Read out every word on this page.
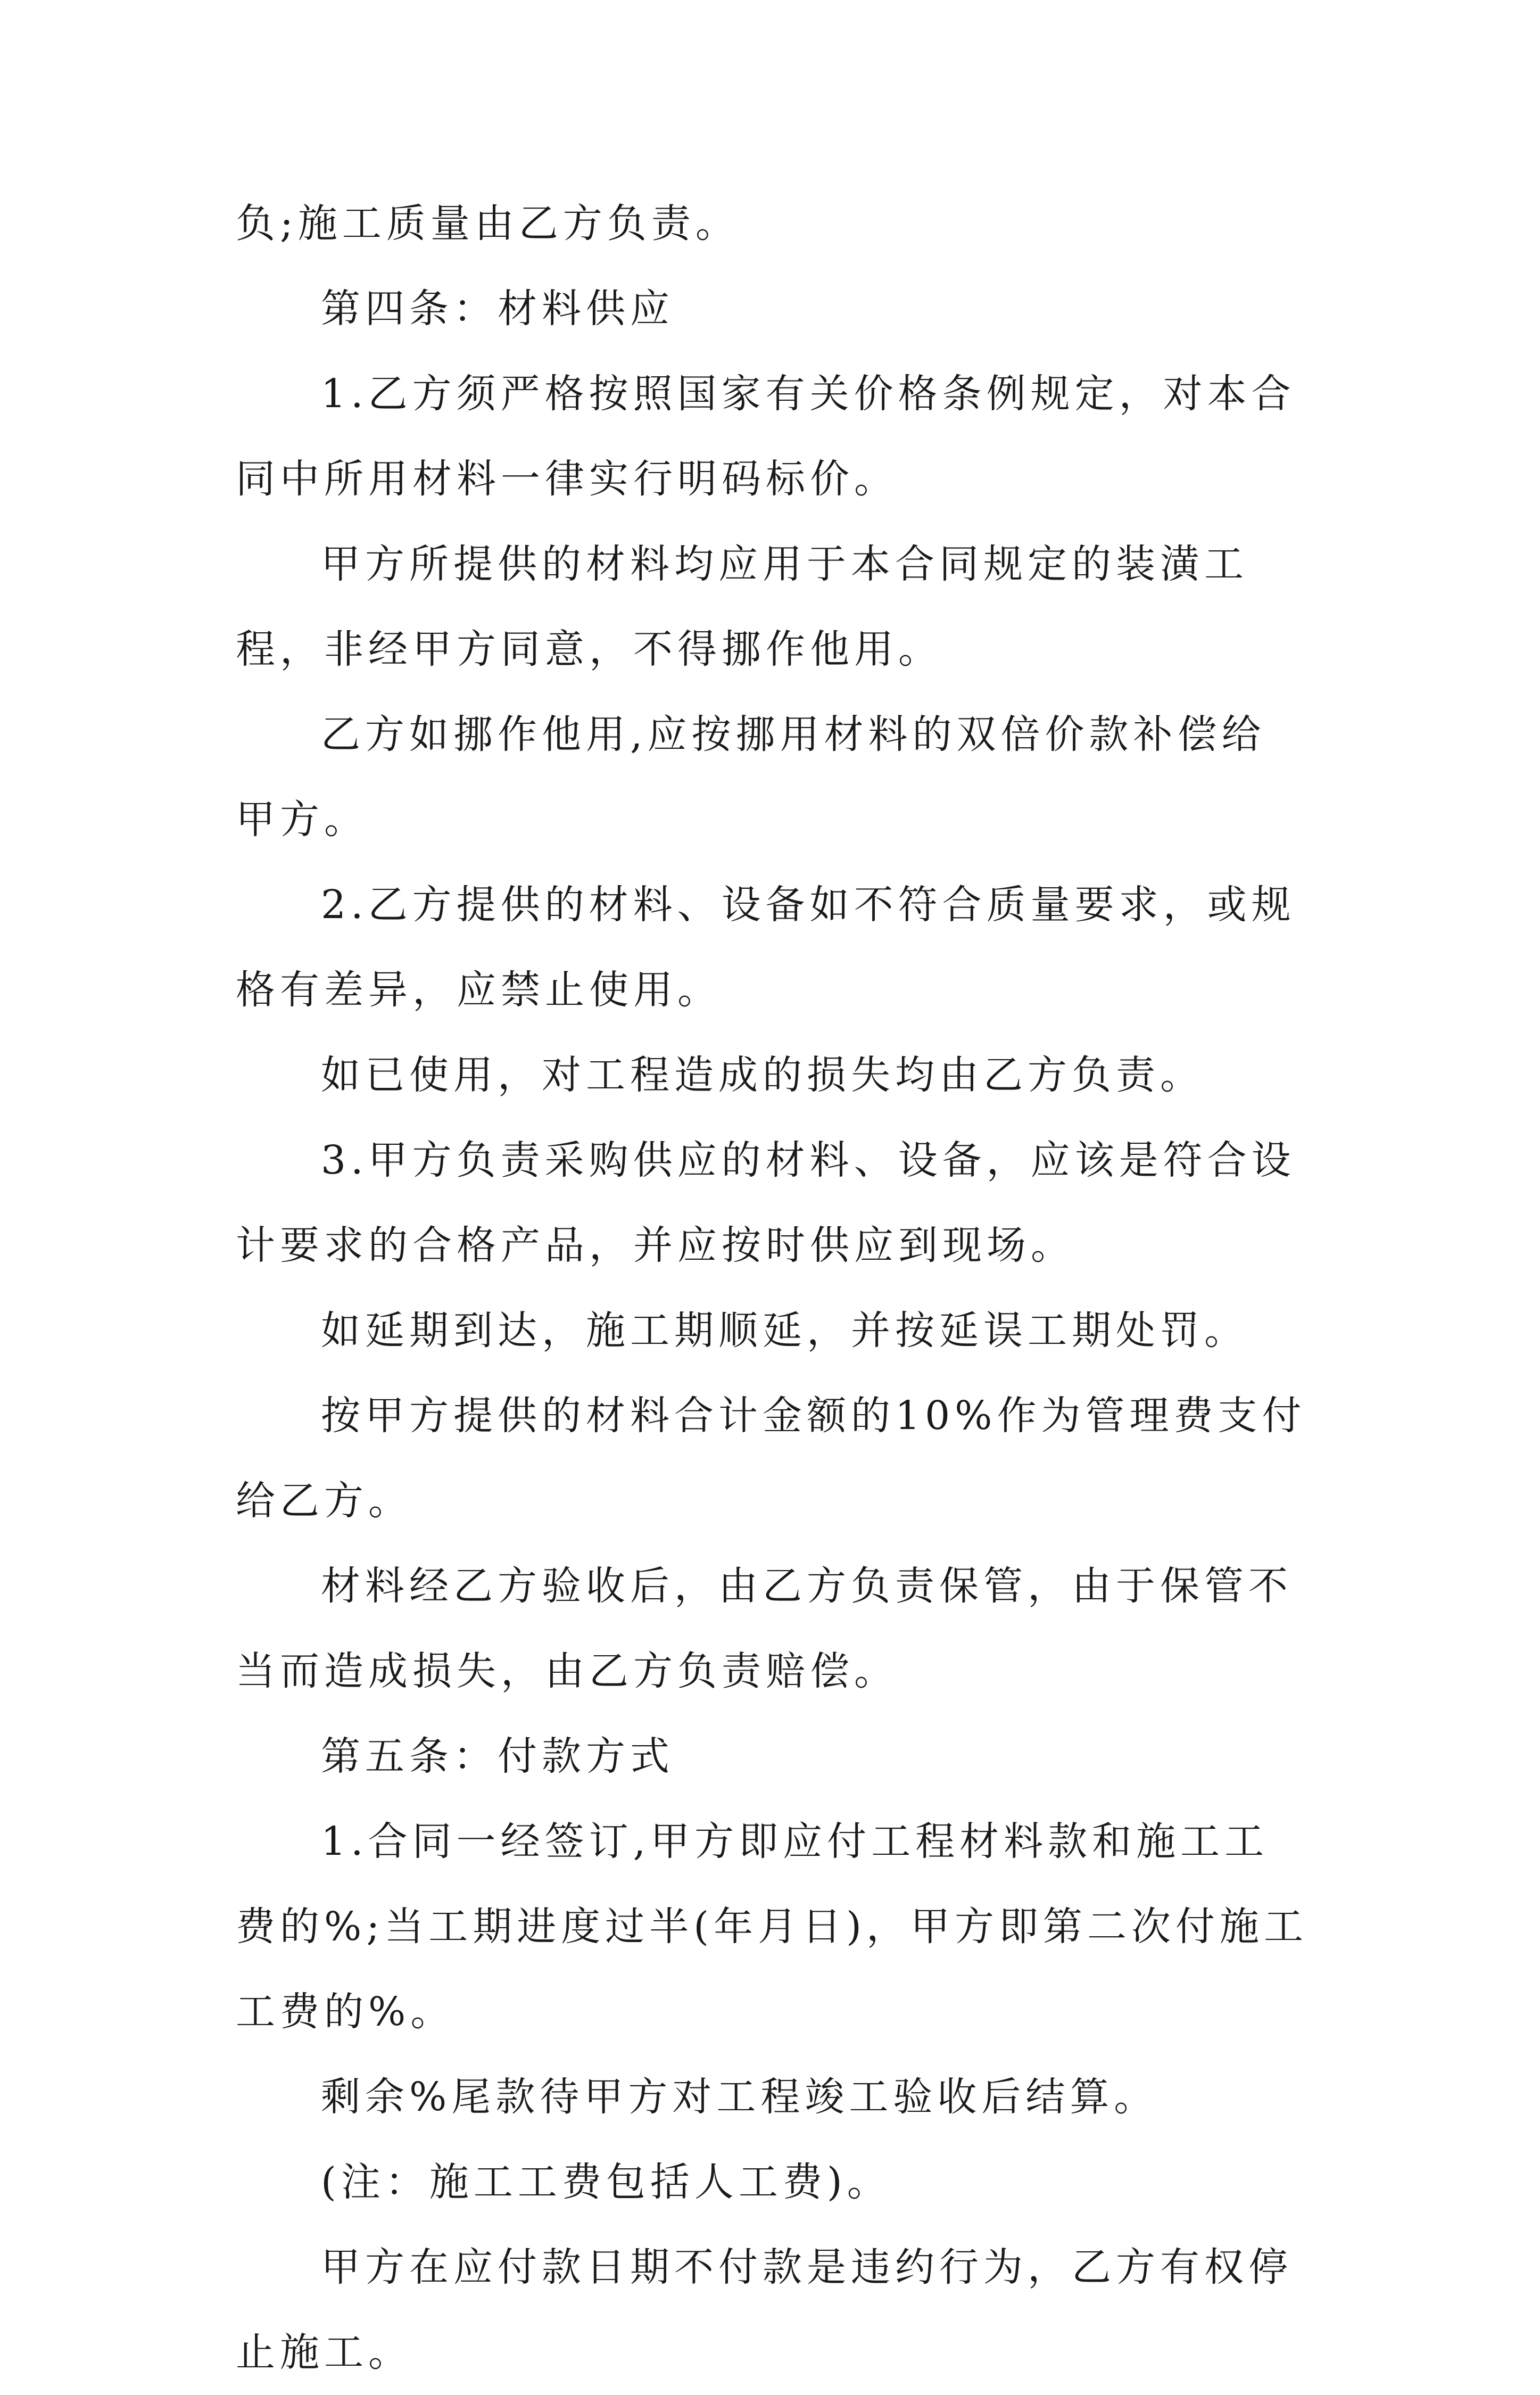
负;施工质量由乙方负责。

第四条：材料供应

1.乙方须严格按照国家有关价格条例规定，对本合同中所用材料一律实行明码标价。

甲方所提供的材料均应用于本合同规定的装潢工程，非经甲方同意，不得挪作他用。

乙方如挪作他用,应按挪用材料的双倍价款补偿给甲方。

2.乙方提供的材料、设备如不符合质量要求，或规格有差异，应禁止使用。

如已使用，对工程造成的损失均由乙方负责。

3.甲方负责采购供应的材料、设备，应该是符合设计要求的合格产品，并应按时供应到现场。

如延期到达，施工期顺延，并按延误工期处罚。

按甲方提供的材料合计金额的10%作为管理费支付给乙方。

材料经乙方验收后，由乙方负责保管，由于保管不当而造成损失，由乙方负责赔偿。

第五条：付款方式

1.合同一经签订,甲方即应付工程材料款和施工工费的%;当工期进度过半(年月日)，甲方即第二次付施工工费的%。

剩余%尾款待甲方对工程竣工验收后结算。

(注：施工工费包括人工费)。

甲方在应付款日期不付款是违约行为，乙方有权停止施工。
